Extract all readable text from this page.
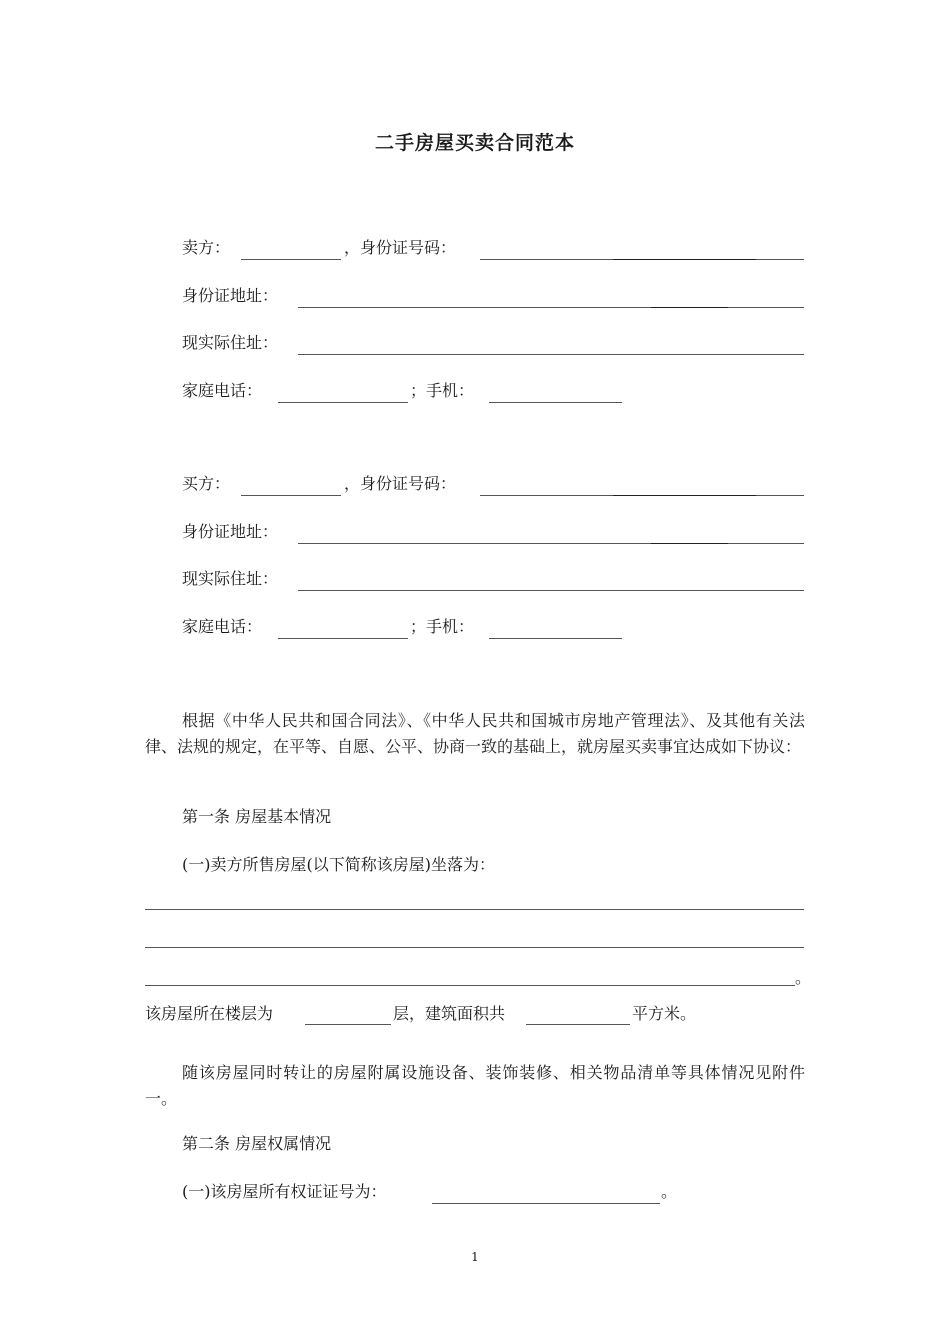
二手房屋买卖合同范本
卖方：	，身份证号码：
身份证地址：
现实际住址：
家庭电话：	；手机：
买方：	，身份证号码：
身份证地址：
现实际住址：
家庭电话：	；手机：
根据《中华人民共和国合同法》、《中华人民共和国城市房地产管理法》、及其他有关法律、法规的规定，在平等、自愿、公平、协商一致的基础上，就房屋买卖事宜达成如下协议：
第一条 房屋基本情况
(一)卖方所售房屋(以下简称该房屋)坐落为：
。
该房屋所在楼层为	层，建筑面积共	平方米。
随该房屋同时转让的房屋附属设施设备、装饰装修、相关物品清单等具体情况见附件一。
第二条 房屋权属情况
(一)该房屋所有权证证号为：	。
1
